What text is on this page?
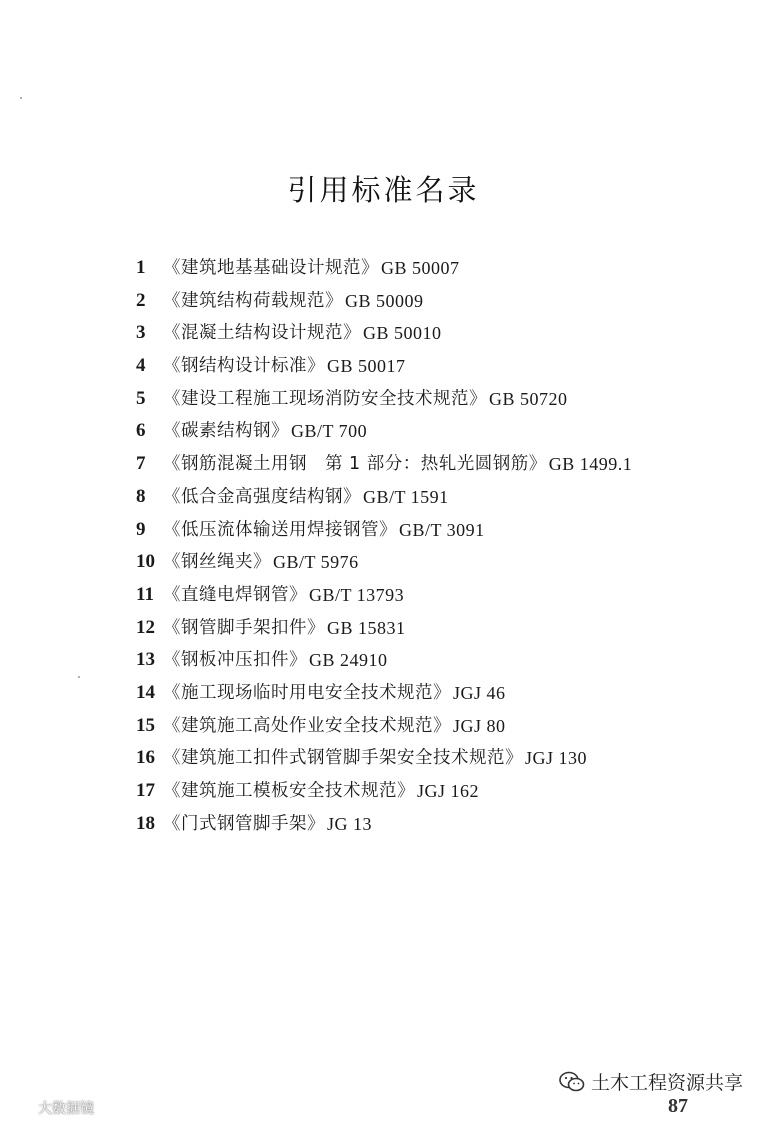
引用标准名录
1	《建筑地基基础设计规范》 GB 50007
2	《建筑结构荷载规范》 GB 50009
3	《混凝土结构设计规范》 GB 50010
4	《钢结构设计标准》 GB 50017
5	《建设工程施工现场消防安全技术规范》 GB 50720
6	《碳素结构钢》 GB/T 700
7	《钢筋混凝土用钢　第 1 部分：热轧光圆钢筋》 GB 1499.1
8	《低合金高强度结构钢》 GB/T 1591
9	《低压流体输送用焊接钢管》 GB/T 3091
10 《钢丝绳夹》 GB/T 5976
11 《直缝电焊钢管》 GB/T 13793
12 《钢管脚手架扣件》 GB 15831
13 《钢板冲压扣件》 GB 24910
14 《施工现场临时用电安全技术规范》 JGJ 46
15 《建筑施工高处作业安全技术规范》 JGJ 80
16 《建筑施工扣件式钢管脚手架安全技术规范》 JGJ 130
17 《建筑施工模板安全技术规范》 JGJ 162
18 《门式钢管脚手架》 JG 13
土木工程资源共享
87
大数据镜
